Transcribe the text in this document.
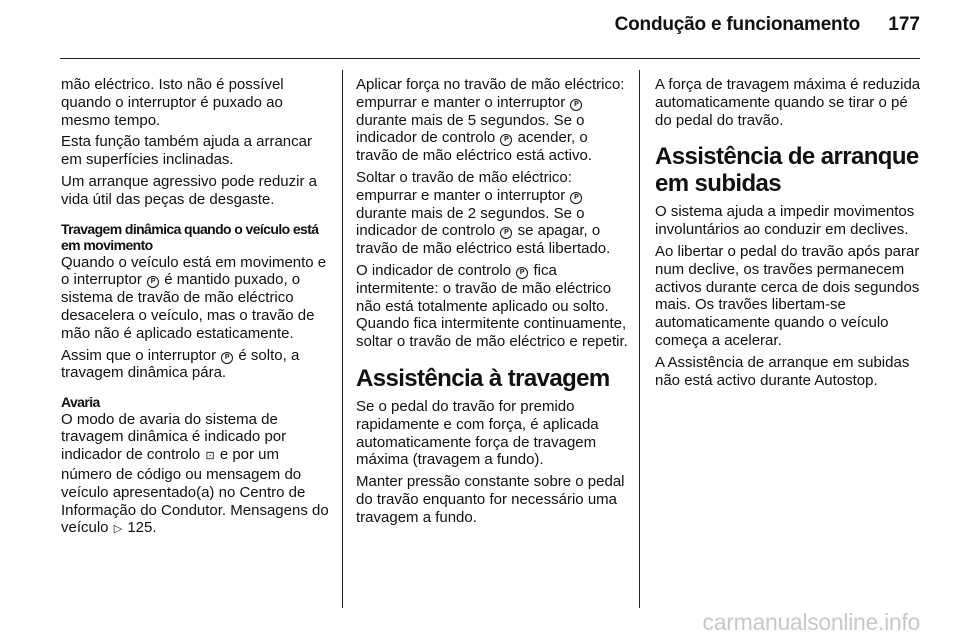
Condução e funcionamento 177

mão eléctrico. Isto não é possível quando o interruptor é puxado ao mesmo tempo.

Esta função também ajuda a arrancar em superfícies inclinadas.

Um arranque agressivo pode reduzir a vida útil das peças de desgaste.

Travagem dinâmica quando o veículo está em movimento

Quando o veículo está em movimento e o interruptor P é mantido puxado, o sistema de travão de mão eléctrico desacelera o veículo, mas o travão de mão não é aplicado estaticamente.

Assim que o interruptor P é solto, a travagem dinâmica pára.

Avaria

O modo de avaria do sistema de travagem dinâmica é indicado por indicador de controlo ⊡ e por um número de código ou mensagem do veículo apresentado(a) no Centro de Informação do Condutor. Mensagens do veículo ▷ 125.

Aplicar força no travão de mão eléctrico: empurrar e manter o interruptor P durante mais de 5 segundos. Se o indicador de controlo P acender, o travão de mão eléctrico está activo.

Soltar o travão de mão eléctrico: empurrar e manter o interruptor P durante mais de 2 segundos. Se o indicador de controlo P se apagar, o travão de mão eléctrico está libertado.

O indicador de controlo P fica intermitente: o travão de mão eléctrico não está totalmente aplicado ou solto. Quando fica intermitente continuamente, soltar o travão de mão eléctrico e repetir.

Assistência à travagem

Se o pedal do travão for premido rapidamente e com força, é aplicada automaticamente força de travagem máxima (travagem a fundo).

Manter pressão constante sobre o pedal do travão enquanto for necessário uma travagem a fundo.

A força de travagem máxima é reduzida automaticamente quando se tirar o pé do pedal do travão.

Assistência de arranque em subidas

O sistema ajuda a impedir movimentos involuntários ao conduzir em declives.

Ao libertar o pedal do travão após parar num declive, os travões permanecem activos durante cerca de dois segundos mais. Os travões libertam-se automaticamente quando o veículo começa a acelerar.

A Assistência de arranque em subidas não está activo durante Autostop.

carmanualsonline.info
